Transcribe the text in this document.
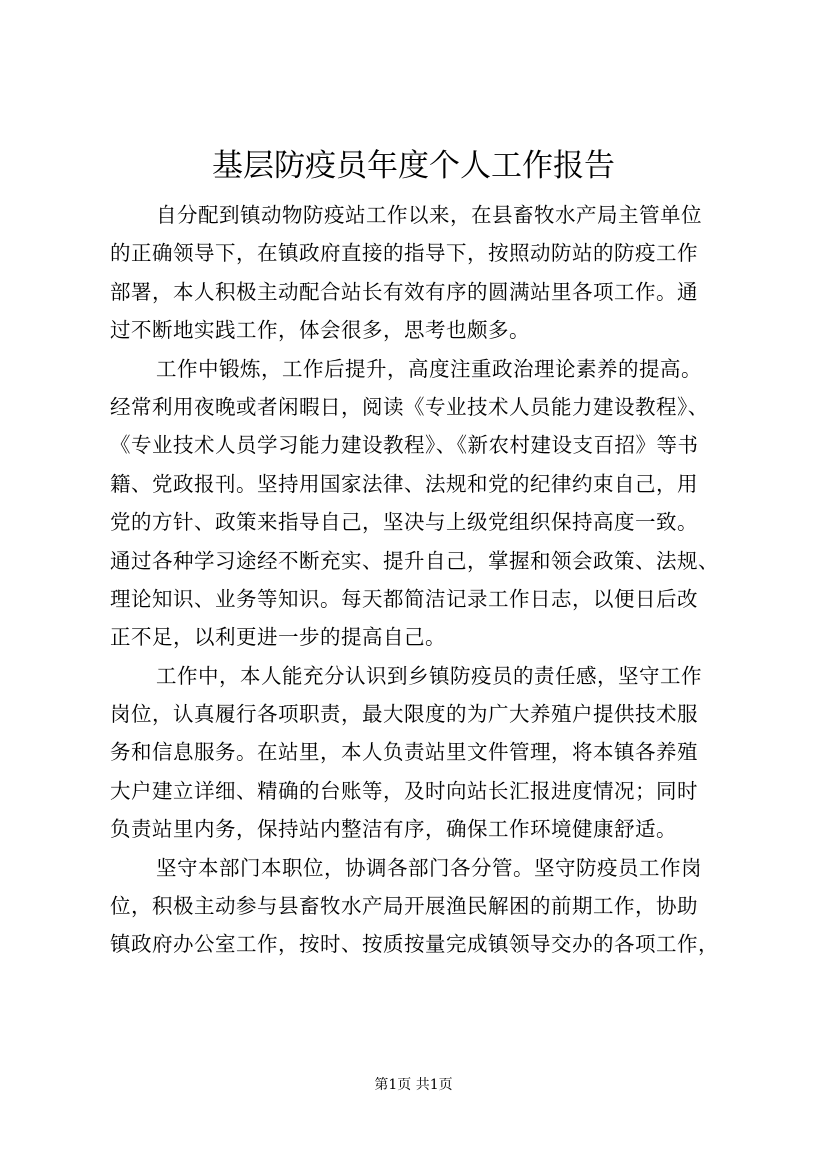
基层防疫员年度个人工作报告
自分配到镇动物防疫站工作以来，在县畜牧水产局主管单位
的正确领导下，在镇政府直接的指导下，按照动防站的防疫工作
部署，本人积极主动配合站长有效有序的圆满站里各项工作。通
过不断地实践工作，体会很多，思考也颇多。
工作中锻炼，工作后提升，高度注重政治理论素养的提高。
经常利用夜晚或者闲暇日，阅读《专业技术人员能力建设教程》、
《专业技术人员学习能力建设教程》、《新农村建设支百招》等书
籍、党政报刊。坚持用国家法律、法规和党的纪律约束自己，用
党的方针、政策来指导自己，坚决与上级党组织保持高度一致。
通过各种学习途经不断充实、提升自己，掌握和领会政策、法规、
理论知识、业务等知识。每天都简洁记录工作日志，以便日后改
正不足，以利更进一步的提高自己。
工作中，本人能充分认识到乡镇防疫员的责任感，坚守工作
岗位，认真履行各项职责，最大限度的为广大养殖户提供技术服
务和信息服务。在站里，本人负责站里文件管理，将本镇各养殖
大户建立详细、精确的台账等，及时向站长汇报进度情况；同时
负责站里内务，保持站内整洁有序，确保工作环境健康舒适。
坚守本部门本职位，协调各部门各分管。坚守防疫员工作岗
位，积极主动参与县畜牧水产局开展渔民解困的前期工作，协助
镇政府办公室工作，按时、按质按量完成镇领导交办的各项工作，
第1页 共1页
